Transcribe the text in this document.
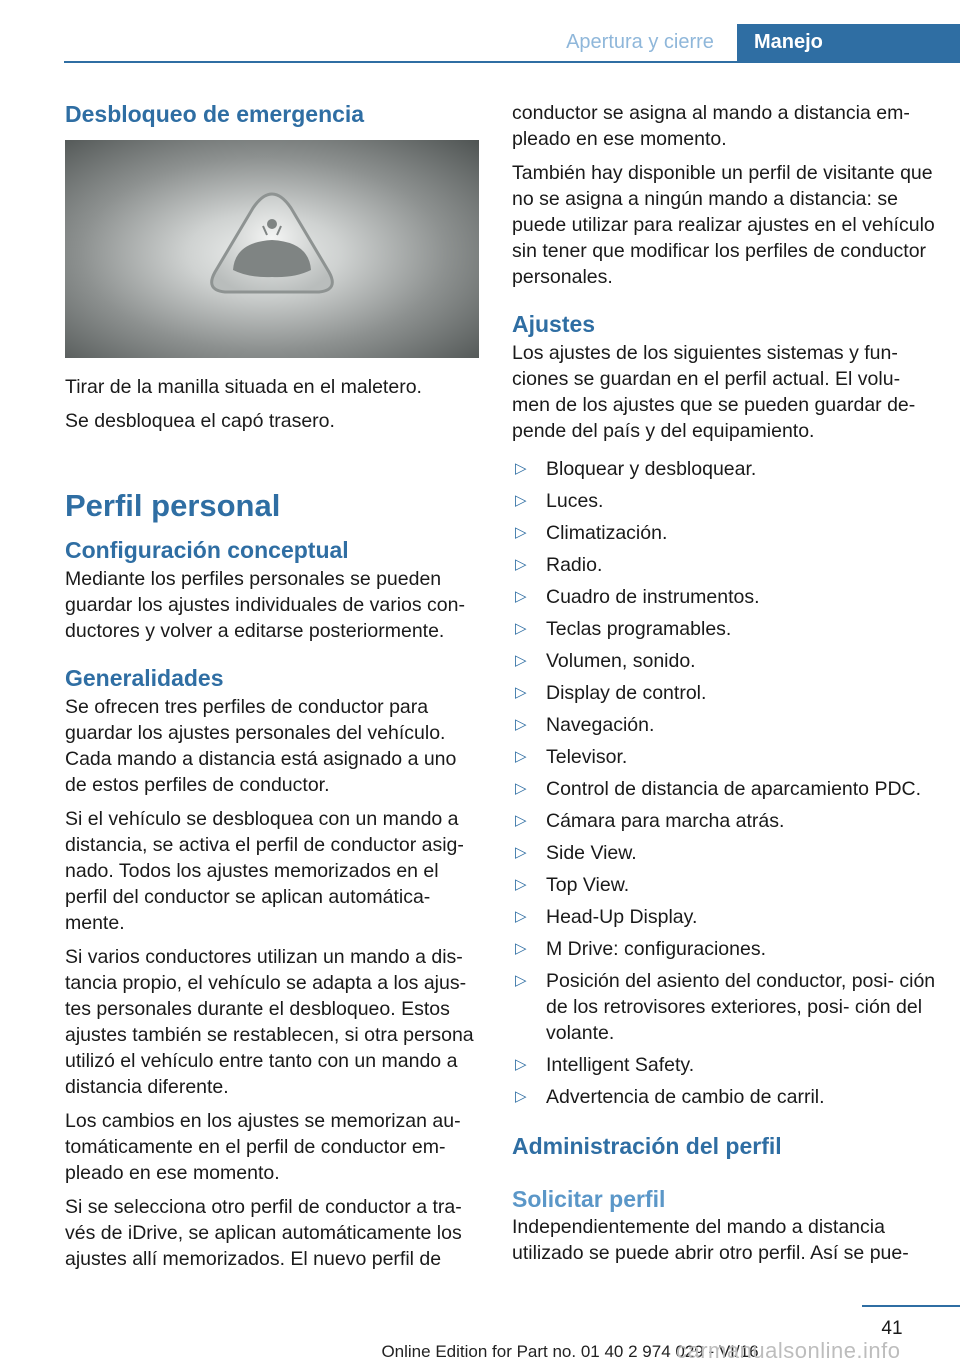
Apertura y cierre	Manejo
Desbloqueo de emergencia

Tirar de la manilla situada en el maletero.

Se desbloquea el capó trasero.

Perfil personal
Configuración conceptual

Mediante los perfiles personales se pueden guardar los ajustes individuales de varios con- ductores y volver a editarse posteriormente.

Generalidades

Se ofrecen tres perfiles de conductor para guardar los ajustes personales del vehículo. Cada mando a distancia está asignado a uno de estos perfiles de conductor.

Si el vehículo se desbloquea con un mando a distancia, se activa el perfil de conductor asig- nado. Todos los ajustes memorizados en el perfil del conductor se aplican automática- mente.

Si varios conductores utilizan un mando a dis- tancia propio, el vehículo se adapta a los ajus- tes personales durante el desbloqueo. Estos ajustes también se restablecen, si otra persona utilizó el vehículo entre tanto con un mando a distancia diferente.

Los cambios en los ajustes se memorizan au- tomáticamente en el perfil de conductor em- pleado en ese momento.

Si se selecciona otro perfil de conductor a tra- vés de iDrive, se aplican automáticamente los ajustes allí memorizados. El nuevo perfil de

conductor se asigna al mando a distancia em- pleado en ese momento.

También hay disponible un perfil de visitante que no se asigna a ningún mando a distancia: se puede utilizar para realizar ajustes en el vehículo sin tener que modificar los perfiles de conductor personales.

Ajustes

Los ajustes de los siguientes sistemas y fun- ciones se guardan en el perfil actual. El volu- men de los ajustes que se pueden guardar de- pende del país y del equipamiento.

▷ Bloquear y desbloquear.
▷ Luces.
▷ Climatización.
▷ Radio.
▷ Cuadro de instrumentos.
▷ Teclas programables.
▷ Volumen, sonido.
▷ Display de control.
▷ Navegación.
▷ Televisor.
▷ Control de distancia de aparcamiento PDC.
▷ Cámara para marcha atrás.
▷ Side View.
▷ Top View.
▷ Head-Up Display.
▷ M Drive: configuraciones.
▷ Posición del asiento del conductor, posi- ción de los retrovisores exteriores, posi- ción del volante.
▷ Intelligent Safety.
▷ Advertencia de cambio de carril.
Administración del perfil
Solicitar perfil

Independientemente del mando a distancia utilizado se puede abrir otro perfil. Así se pue-

41
Online Edition for Part no. 01 40 2 974 029 - VI/16
carmanualsonline.info
